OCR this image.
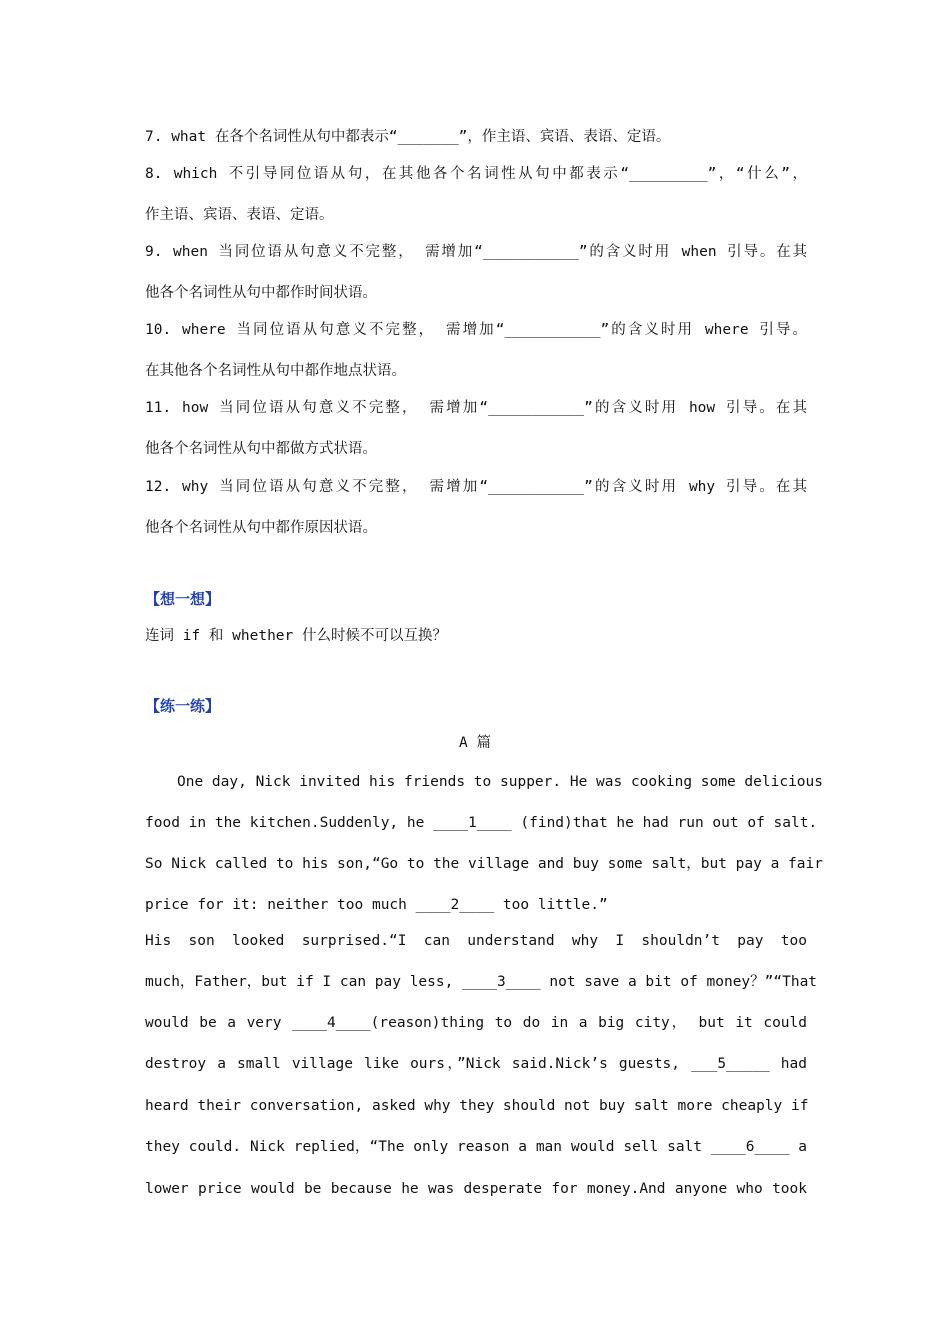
7. what 在各个名词性从句中都表示“_______”，作主语、宾语、表语、定语。
8. which 不引导同位语从句，在其他各个名词性从句中都表示“_________”，“什么”，
作主语、宾语、表语、定语。
9. when 当同位语从句意义不完整， 需增加“___________”的含义时用 when 引导。在其
他各个名词性从句中都作时间状语。
10. where 当同位语从句意义不完整， 需增加“___________”的含义时用 where 引导。
在其他各个名词性从句中都作地点状语。
11. how 当同位语从句意义不完整， 需增加“___________”的含义时用 how 引导。在其
他各个名词性从句中都做方式状语。
12. why 当同位语从句意义不完整， 需增加“___________”的含义时用 why 引导。在其
他各个名词性从句中都作原因状语。
【想一想】
连词 if 和 whether 什么时候不可以互换？
【练一练】
A 篇
One day, Nick invited his friends to supper. He was cooking some delicious
food in the kitchen.Suddenly, he ____1____ (find)that he had run out of salt.
So Nick called to his son,“Go to the village and buy some salt，but pay a fair
price for it: neither too much ____2____ too little.”
His son looked surprised.“I can understand why I shouldn’t pay too
much，Father，but if I can pay less, ____3____ not save a bit of money？”“That
would be a very ____4____(reason)thing to do in a big city， but it could
destroy a small village like ours，”Nick said.Nick’s guests, ___5_____ had
heard their conversation, asked why they should not buy salt more cheaply if
they could. Nick replied，“The only reason a man would sell salt ____6____ a
lower price would be because he was desperate for money.And anyone who took
